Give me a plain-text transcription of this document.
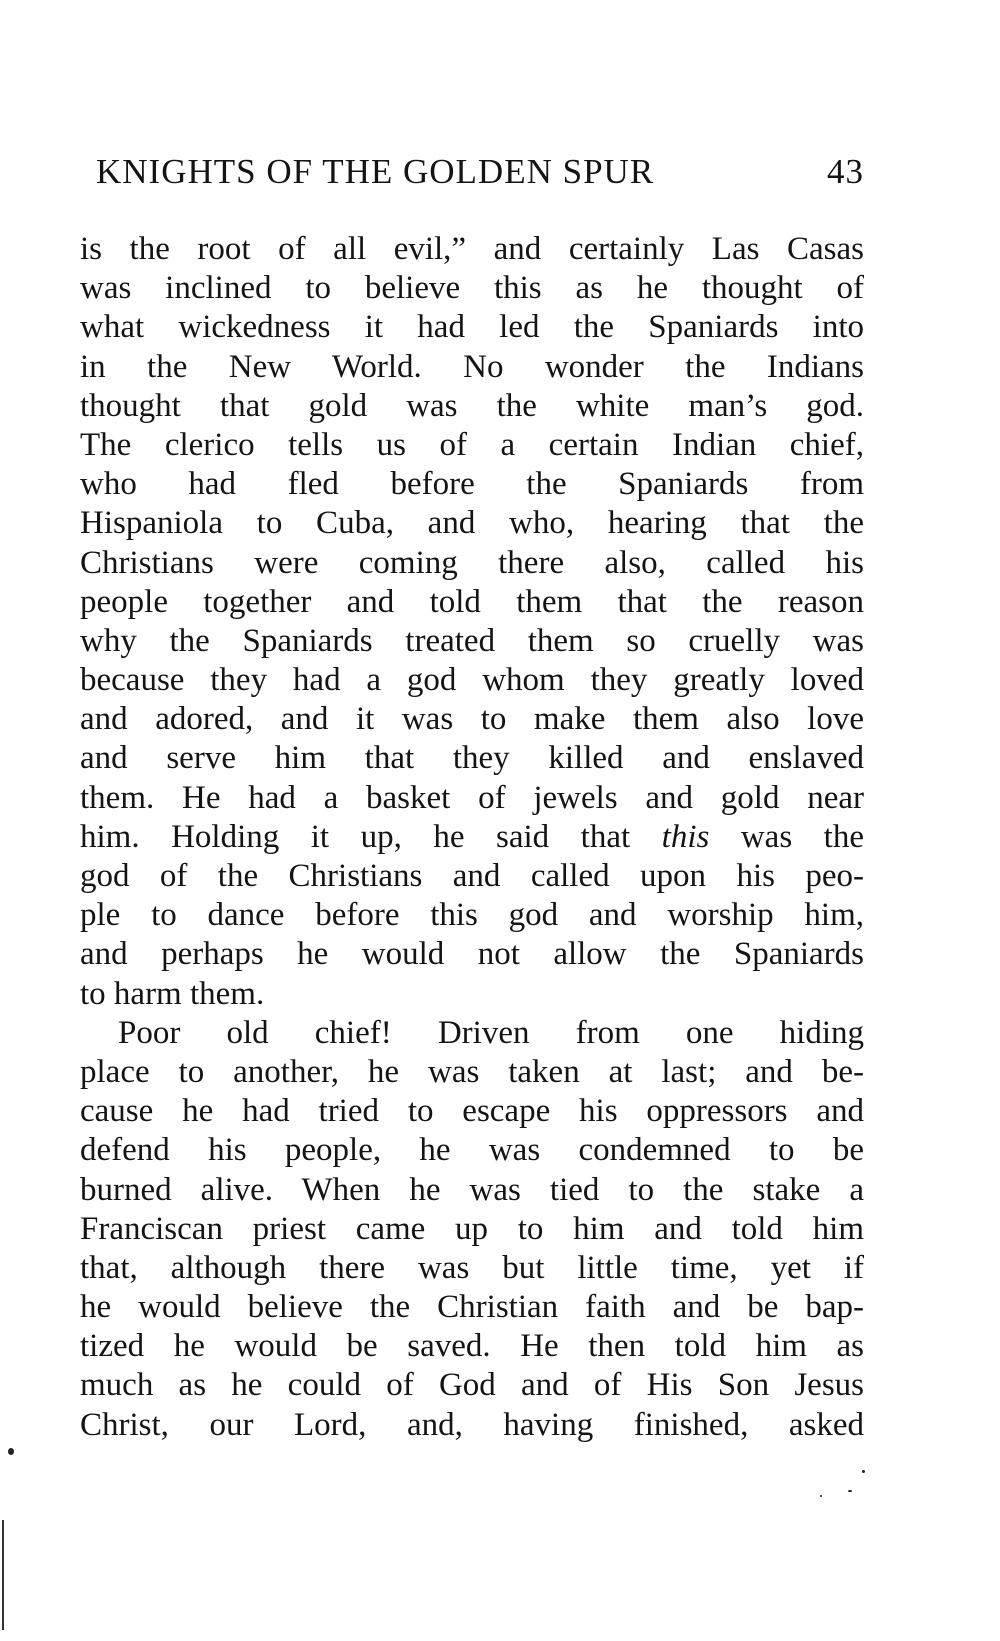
KNIGHTS OF THE GOLDEN SPUR	43
is the root of all evil,” and certainly Las Casas
was inclined to believe this as he thought of
what wickedness it had led the Spaniards into
in the New World. No wonder the Indians
thought that gold was the white man’s god.
The clerico tells us of a certain Indian chief,
who had fled before the Spaniards from
Hispaniola to Cuba, and who, hearing that the
Christians were coming there also, called his
people together and told them that the reason
why the Spaniards treated them so cruelly was
because they had a god whom they greatly loved
and adored, and it was to make them also love
and serve him that they killed and enslaved
them. He had a basket of jewels and gold near
him. Holding it up, he said that this was the
god of the Christians and called upon his peo-
ple to dance before this god and worship him,
and perhaps he would not allow the Spaniards
to harm them.
Poor old chief! Driven from one hiding
place to another, he was taken at last; and be-
cause he had tried to escape his oppressors and
defend his people, he was condemned to be
burned alive. When he was tied to the stake a
Franciscan priest came up to him and told him
that, although there was but little time, yet if
he would believe the Christian faith and be bap-
tized he would be saved. He then told him as
much as he could of God and of His Son Jesus
Christ, our Lord, and, having finished, asked
